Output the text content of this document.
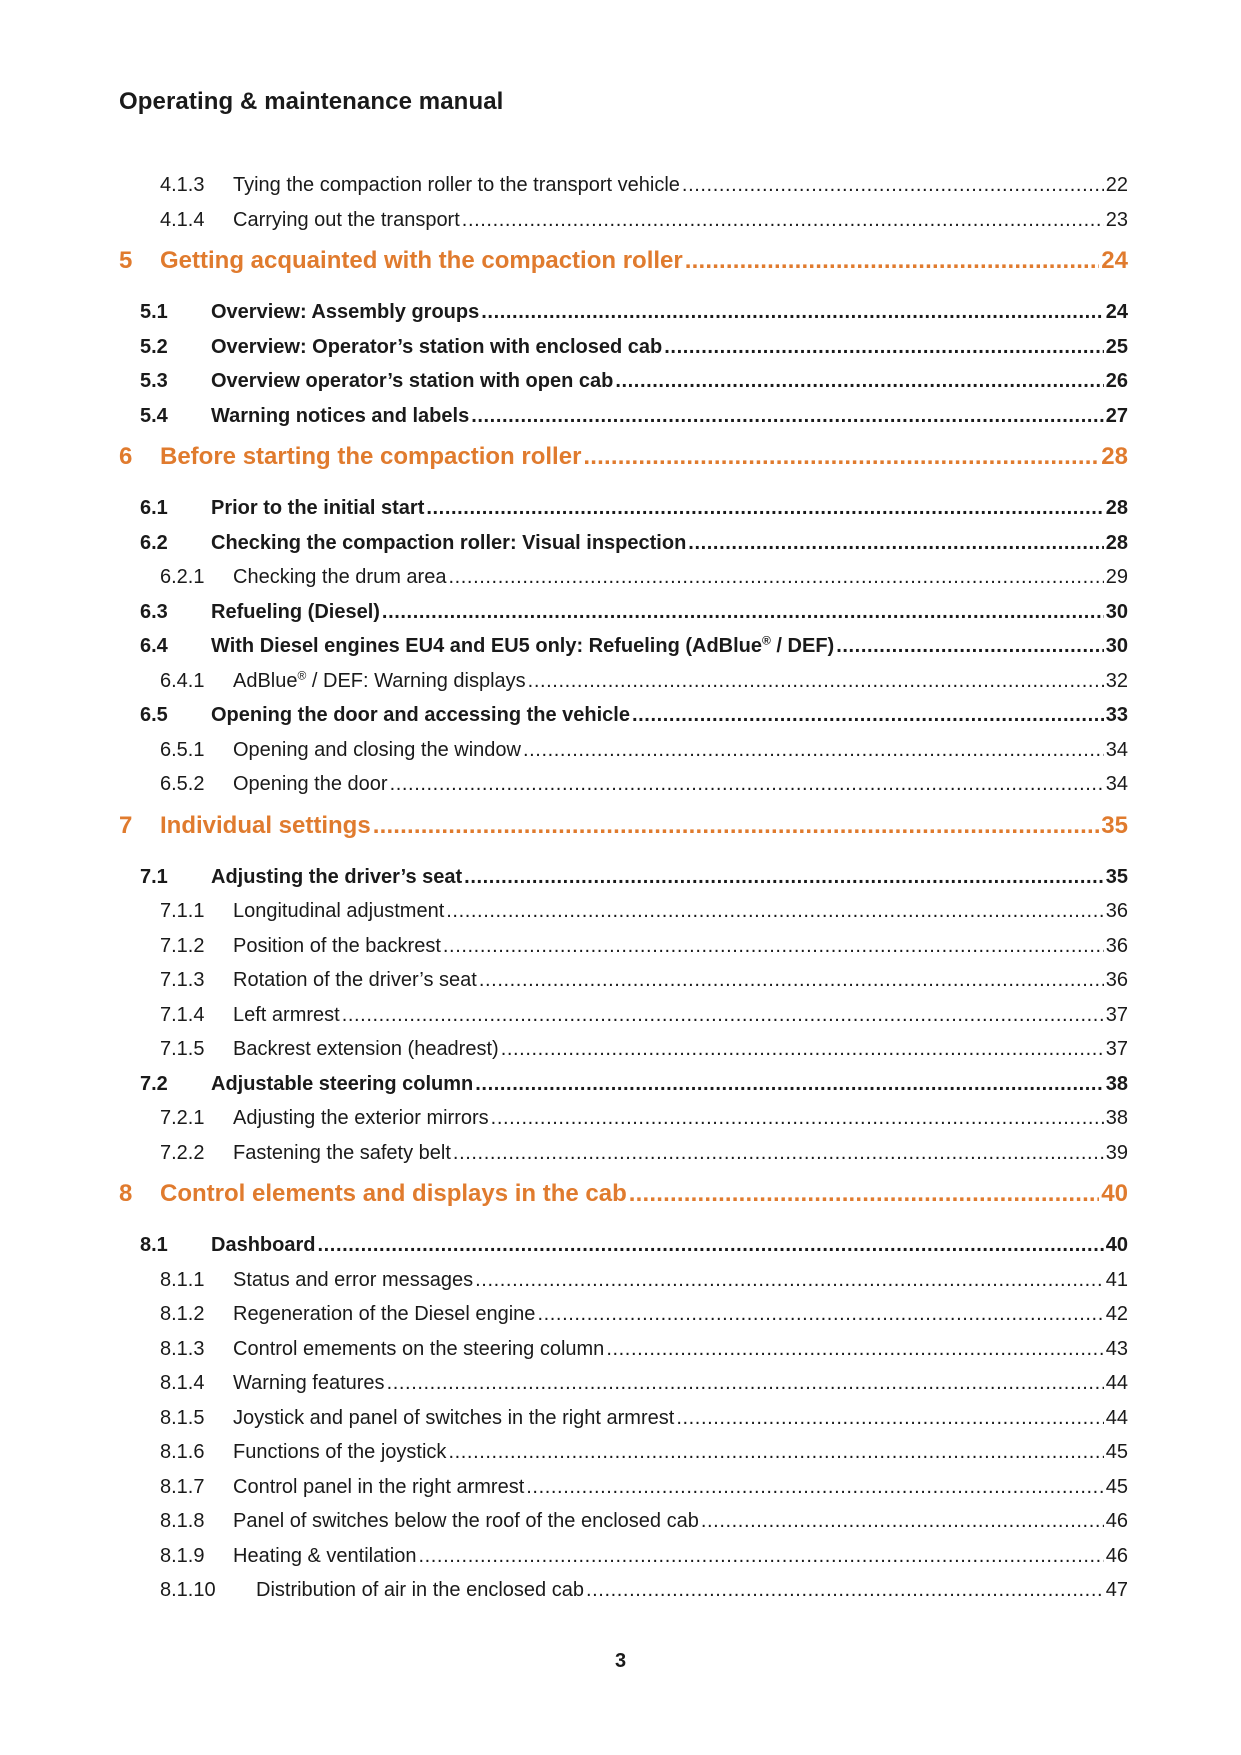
Operating & maintenance manual
4.1.3	Tying the compaction roller to the transport vehicle .....	22
4.1.4	Carrying out the transport .....	23
5	Getting acquainted with the compaction roller .....	24
5.1	Overview: Assembly groups .....	24
5.2	Overview: Operator’s station with enclosed cab .....	25
5.3	Overview operator’s station with open cab .....	26
5.4	Warning notices and labels .....	27
6	Before starting the compaction roller .....	28
6.1	Prior to the initial start .....	28
6.2	Checking the compaction roller: Visual inspection .....	28
6.2.1	Checking the drum area .....	29
6.3	Refueling (Diesel) .....	30
6.4	With Diesel engines EU4 and EU5 only: Refueling (AdBlue® / DEF) .....	30
6.4.1	AdBlue® / DEF: Warning displays .....	32
6.5	Opening the door and accessing the vehicle .....	33
6.5.1	Opening and closing the window .....	34
6.5.2	Opening the door .....	34
7	Individual settings .....	35
7.1	Adjusting the driver’s seat .....	35
7.1.1	Longitudinal adjustment .....	36
7.1.2	Position of the backrest .....	36
7.1.3	Rotation of the driver’s seat .....	36
7.1.4	Left armrest .....	37
7.1.5	Backrest extension (headrest) .....	37
7.2	Adjustable steering column .....	38
7.2.1	Adjusting the exterior mirrors .....	38
7.2.2	Fastening the safety belt .....	39
8	Control elements and displays in the cab .....	40
8.1	Dashboard .....	40
8.1.1	Status and error messages .....	41
8.1.2	Regeneration of the Diesel engine .....	42
8.1.3	Control emements on the steering column .....	43
8.1.4	Warning features .....	44
8.1.5	Joystick and panel of switches in the right armrest .....	44
8.1.6	Functions of the joystick .....	45
8.1.7	Control panel in the right armrest .....	45
8.1.8	Panel of switches below the roof of the enclosed cab .....	46
8.1.9	Heating & ventilation .....	46
8.1.10	Distribution of air in the enclosed cab .....	47
3
